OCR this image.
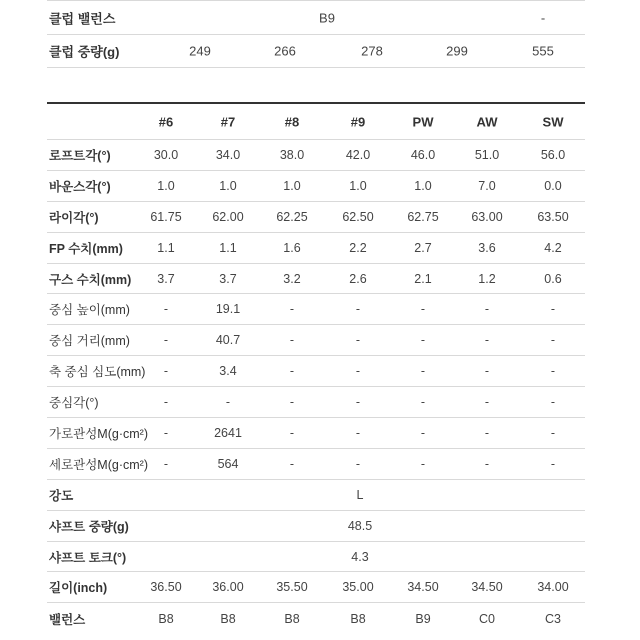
클럽 밸런스	B9	-
클럽 중량(g)	249	266	278	299	555
#6	#7	#8	#9	PW	AW	SW
로프트각(°)	30.0	34.0	38.0	42.0	46.0	51.0	56.0
바운스각(°)	1.0	1.0	1.0	1.0	1.0	7.0	0.0
라이각(°)	61.75 62.00	62.25	62.50	62.75	63.00	63.50
FP 수치(mm)	1.1	1.1	1.6	2.2	2.7	3.6	4.2
구스 수치(mm) 3.7	3.7	3.2	2.6	2.1	1.2	0.6
중심 높이(mm)	-	19.1	-	-	-	-	-
중심 거리(mm)	-	40.7	-	-	-	-	-
축 중심 심도(mm) -	3.4	-	-	-	-	-
중심각(°)	-	-	-	-	-	-	-
가로관성M(g·cm²) -	2641	-	-	-	-	-
세로관성M(g·cm²) -	564	-	-	-	-	-
강도	L
샤프트 중량(g)	48.5
샤프트 토크(°)	4.3
길이(inch)	36.50 36.00	35.50	35.00	34.50	34.50	34.00
밸런스	B8	B8	B8	B8	B9	C0	C3
